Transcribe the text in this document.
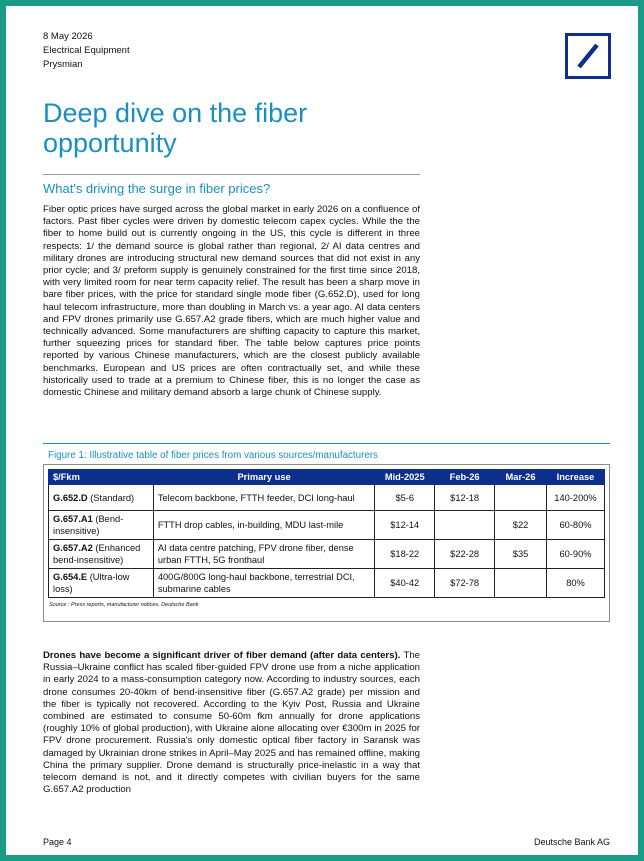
8 May 2026
Electrical Equipment
Prysmian
Deep dive on the fiber opportunity
What's driving the surge in fiber prices?

Fiber optic prices have surged across the global market in early 2026 on a confluence of factors. Past fiber cycles were driven by domestic telecom capex cycles. While the the fiber to home build out is currently ongoing in the US, this cycle is different in three respects: 1/ the demand source is global rather than regional, 2/ AI data centres and military drones are introducing structural new demand sources that did not exist in any prior cycle; and 3/ preform supply is genuinely constrained for the first time since 2018, with very limited room for near term capacity relief. The result has been a sharp move in bare fiber prices, with the price for standard single mode fiber (G.652.D), used for long haul telecom infrastructure, more than doubling in March vs. a year ago. AI data centers and FPV drones primarily use G.657.A2 grade fibers, which are much higher value and technically advanced. Some manufacturers are shifting capacity to capture this market, further squeezing prices for standard fiber. The table below captures price points reported by various Chinese manufacturers, which are the closest publicly available benchmarks. European and US prices are often contractually set, and while these historically used to trade at a premium to Chinese fiber, this is no longer the case as domestic Chinese and military demand absorb a large chunk of Chinese supply.

Figure 1: Illustrative table of fiber prices from various sources/manufacturers
$/Fkm	Primary use	Mid-2025	Feb-26	Mar-26	Increase
G.652.D (Standard)	Telecom backbone, FTTH feeder, DCI long-haul	$5-6	$12-18		140-200%
G.657.A1 (Bend-insensitive)	FTTH drop cables, in-building, MDU last-mile	$12-14		$22	60-80%
G.657.A2 (Enhanced bend-insensitive)	AI data centre patching, FPV drone fiber, dense urban FTTH, 5G fronthaul	$18-22	$22-28	$35	60-90%
G.654.E (Ultra-low loss)	400G/800G long-haul backbone, terrestrial DCI, submarine cables	$40-42	$72-78		80%
Source : Press reports, manufacturer notices, Deutsche Bank

Drones have become a significant driver of fiber demand (after data centers). The Russia–Ukraine conflict has scaled fiber-guided FPV drone use from a niche application in early 2024 to a mass-consumption category now. According to industry sources, each drone consumes 20-40km of bend-insensitive fiber (G.657.A2 grade) per mission and the fiber is typically not recovered. According to the Kyiv Post, Russia and Ukraine combined are estimated to consume 50-60m fkm annually for drone applications (roughly 10% of global production), with Ukraine alone allocating over €300m in 2025 for FPV drone procurement. Russia's only domestic optical fiber factory in Saransk was damaged by Ukrainian drone strikes in April–May 2025 and has remained offline, making China the primary supplier. Drone demand is structurally price-inelastic in a way that telecom demand is not, and it directly competes with civilian buyers for the same G.657.A2 production

Page 4	Deutsche Bank AG
